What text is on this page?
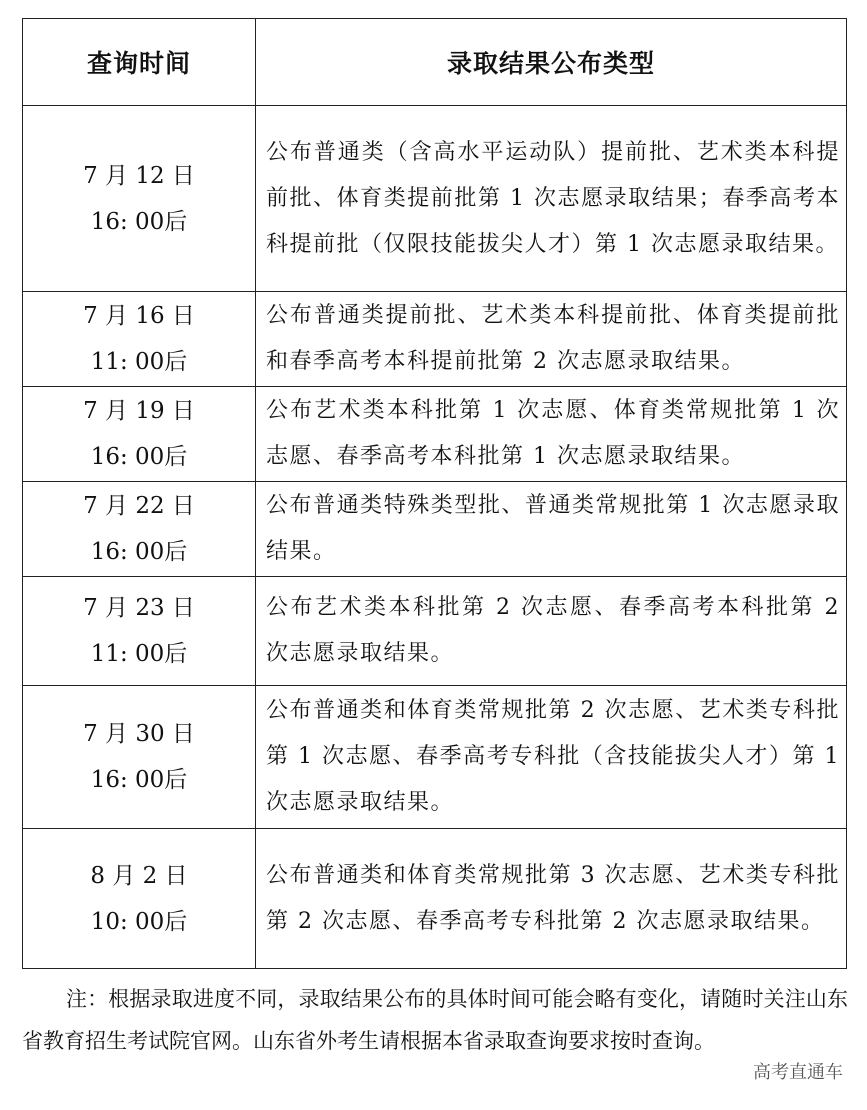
查询时间	录取结果公布类型

7 月 12 日
16: 00后	公布普通类（含高水平运动队）提前批、艺术类本科提前批、体育类提前批第 1 次志愿录取结果；春季高考本科提前批（仅限技能拔尖人才）第 1 次志愿录取结果。

7 月 16 日
11: 00后	公布普通类提前批、艺术类本科提前批、体育类提前批和春季高考本科提前批第 2 次志愿录取结果。

7 月 19 日
16: 00后	公布艺术类本科批第 1 次志愿、体育类常规批第 1 次志愿、春季高考本科批第 1 次志愿录取结果。

7 月 22 日
16: 00后	公布普通类特殊类型批、普通类常规批第 1 次志愿录取结果。

7 月 23 日
11: 00后	公布艺术类本科批第 2 次志愿、春季高考本科批第 2 次志愿录取结果。

7 月 30 日
16: 00后	公布普通类和体育类常规批第 2 次志愿、艺术类专科批第 1 次志愿、春季高考专科批（含技能拔尖人才）第 1 次志愿录取结果。

8 月 2 日
10: 00后	公布普通类和体育类常规批第 3 次志愿、艺术类专科批第 2 次志愿、春季高考专科批第 2 次志愿录取结果。

注：根据录取进度不同，录取结果公布的具体时间可能会略有变化，请随时关注山东省教育招生考试院官网。山东省外考生请根据本省录取查询要求按时查询。

高考直通车
